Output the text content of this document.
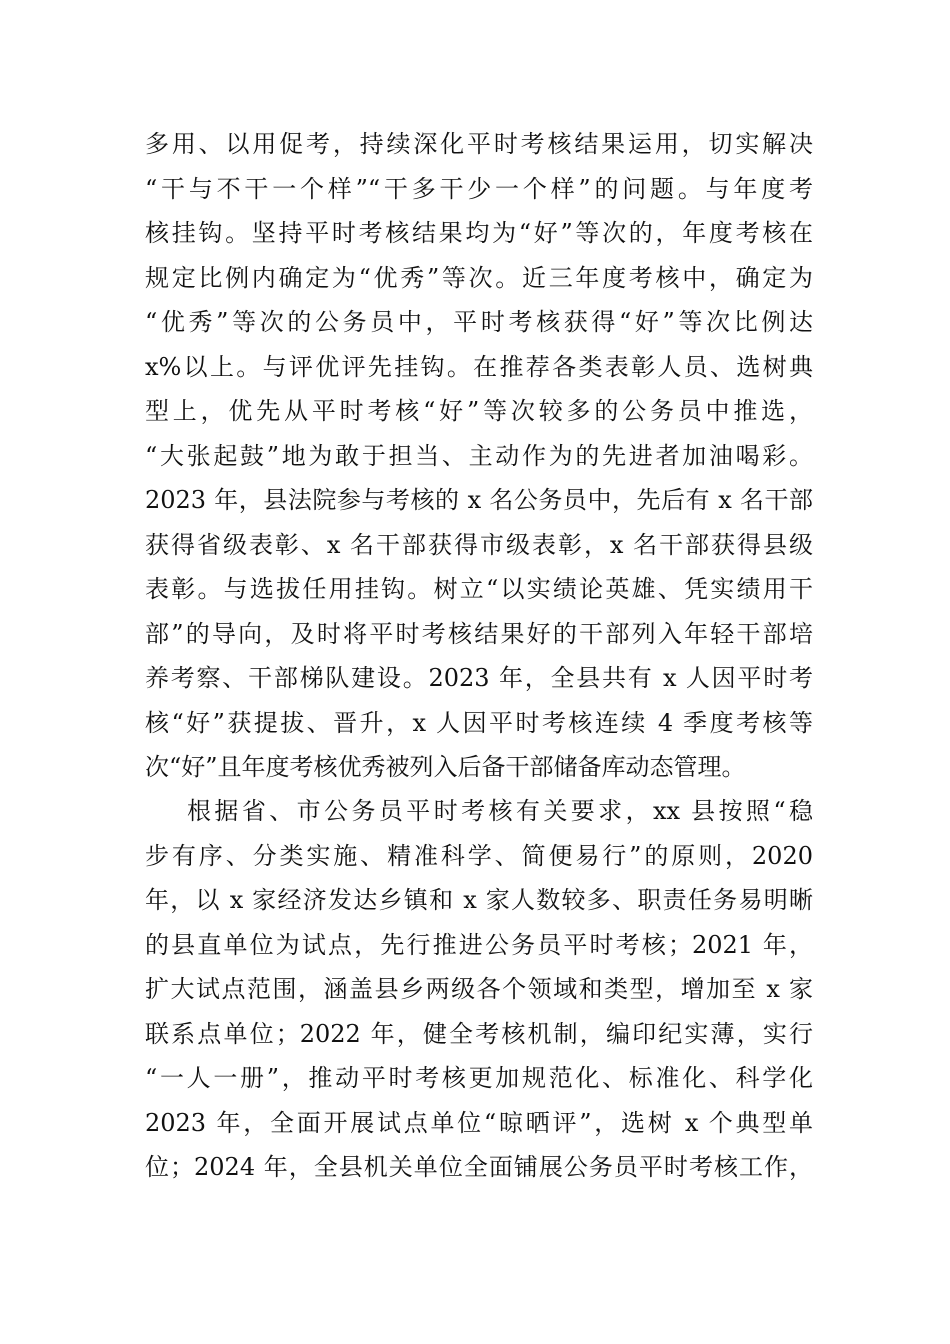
多用、以用促考，持续深化平时考核结果运用，切实解决
“干与不干一个样”“干多干少一个样”的问题。与年度考
核挂钩。坚持平时考核结果均为“好”等次的，年度考核在
规定比例内确定为“优秀”等次。近三年度考核中，确定为
“优秀”等次的公务员中，平时考核获得“好”等次比例达
x%以上。与评优评先挂钩。在推荐各类表彰人员、选树典
型上，优先从平时考核“好”等次较多的公务员中推选，
“大张起鼓”地为敢于担当、主动作为的先进者加油喝彩。
2023 年，县法院参与考核的 x 名公务员中，先后有 x 名干部
获得省级表彰、x 名干部获得市级表彰，x 名干部获得县级
表彰。与选拔任用挂钩。树立“以实绩论英雄、凭实绩用干
部”的导向，及时将平时考核结果好的干部列入年轻干部培
养考察、干部梯队建设。2023 年，全县共有 x 人因平时考
核“好”获提拔、晋升，x 人因平时考核连续 4 季度考核等
次“好”且年度考核优秀被列入后备干部储备库动态管理。
根据省、市公务员平时考核有关要求，xx 县按照“稳
步有序、分类实施、精准科学、简便易行”的原则，2020
年，以 x 家经济发达乡镇和 x 家人数较多、职责任务易明晰
的县直单位为试点，先行推进公务员平时考核；2021 年，
扩大试点范围，涵盖县乡两级各个领域和类型，增加至 x 家
联系点单位；2022 年，健全考核机制，编印纪实薄，实行
“一人一册”，推动平时考核更加规范化、标准化、科学化
2023 年，全面开展试点单位“晾晒评”，选树 x 个典型单
位；2024 年，全县机关单位全面铺展公务员平时考核工作，
